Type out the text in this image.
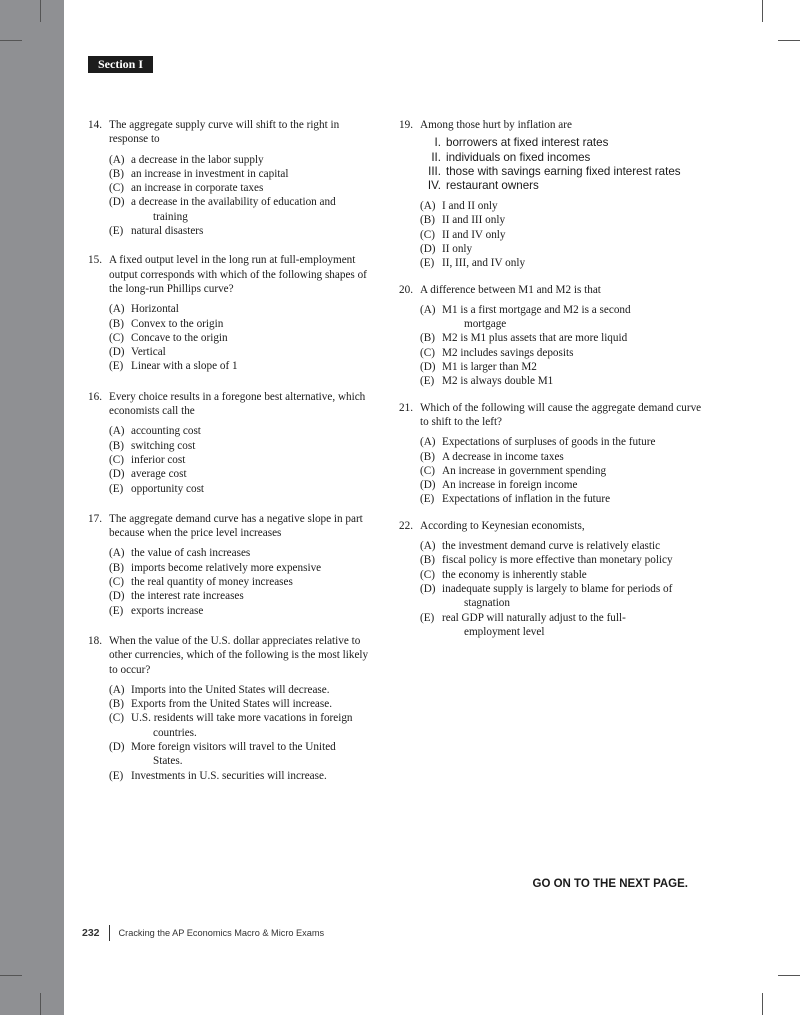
Section I
14. The aggregate supply curve will shift to the right in response to
(A) a decrease in the labor supply
(B) an increase in investment in capital
(C) an increase in corporate taxes
(D) a decrease in the availability of education and
training
(E) natural disasters
15. A fixed output level in the long run at full-employment output corresponds with which of the following shapes of the long-run Phillips curve?
(A) Horizontal
(B) Convex to the origin
(C) Concave to the origin
(D) Vertical
(E) Linear with a slope of 1
16. Every choice results in a foregone best alternative, which economists call the
(A) accounting cost
(B) switching cost
(C) inferior cost
(D) average cost
(E) opportunity cost
17. The aggregate demand curve has a negative slope in part because when the price level increases
(A) the value of cash increases
(B) imports become relatively more expensive
(C) the real quantity of money increases
(D) the interest rate increases
(E) exports increase
18. When the value of the U.S. dollar appreciates relative to other currencies, which of the following is the most likely to occur?
(A) Imports into the United States will decrease.
(B) Exports from the United States will increase.
(C) U.S. residents will take more vacations in foreign
countries.
(D) More foreign visitors will travel to the United
States.
(E) Investments in U.S. securities will increase.
19. Among those hurt by inflation are
I. borrowers at fixed interest rates
II. individuals on fixed incomes
III. those with savings earning fixed interest rates
IV. restaurant owners
(A) I and II only
(B) II and III only
(C) II and IV only
(D) II only
(E) II, III, and IV only
20. A difference between M1 and M2 is that
(A) M1 is a first mortgage and M2 is a second
mortgage
(B) M2 is M1 plus assets that are more liquid
(C) M2 includes savings deposits
(D) M1 is larger than M2
(E) M2 is always double M1
21. Which of the following will cause the aggregate demand curve to shift to the left?
(A) Expectations of surpluses of goods in the future
(B) A decrease in income taxes
(C) An increase in government spending
(D) An increase in foreign income
(E) Expectations of inflation in the future
22. According to Keynesian economists,
(A) the investment demand curve is relatively elastic
(B) fiscal policy is more effective than monetary policy
(C) the economy is inherently stable
(D) inadequate supply is largely to blame for periods of
stagnation
(E) real GDP will naturally adjust to the full-
employment level
GO ON TO THE NEXT PAGE.
232	Cracking the AP Economics Macro & Micro Exams
